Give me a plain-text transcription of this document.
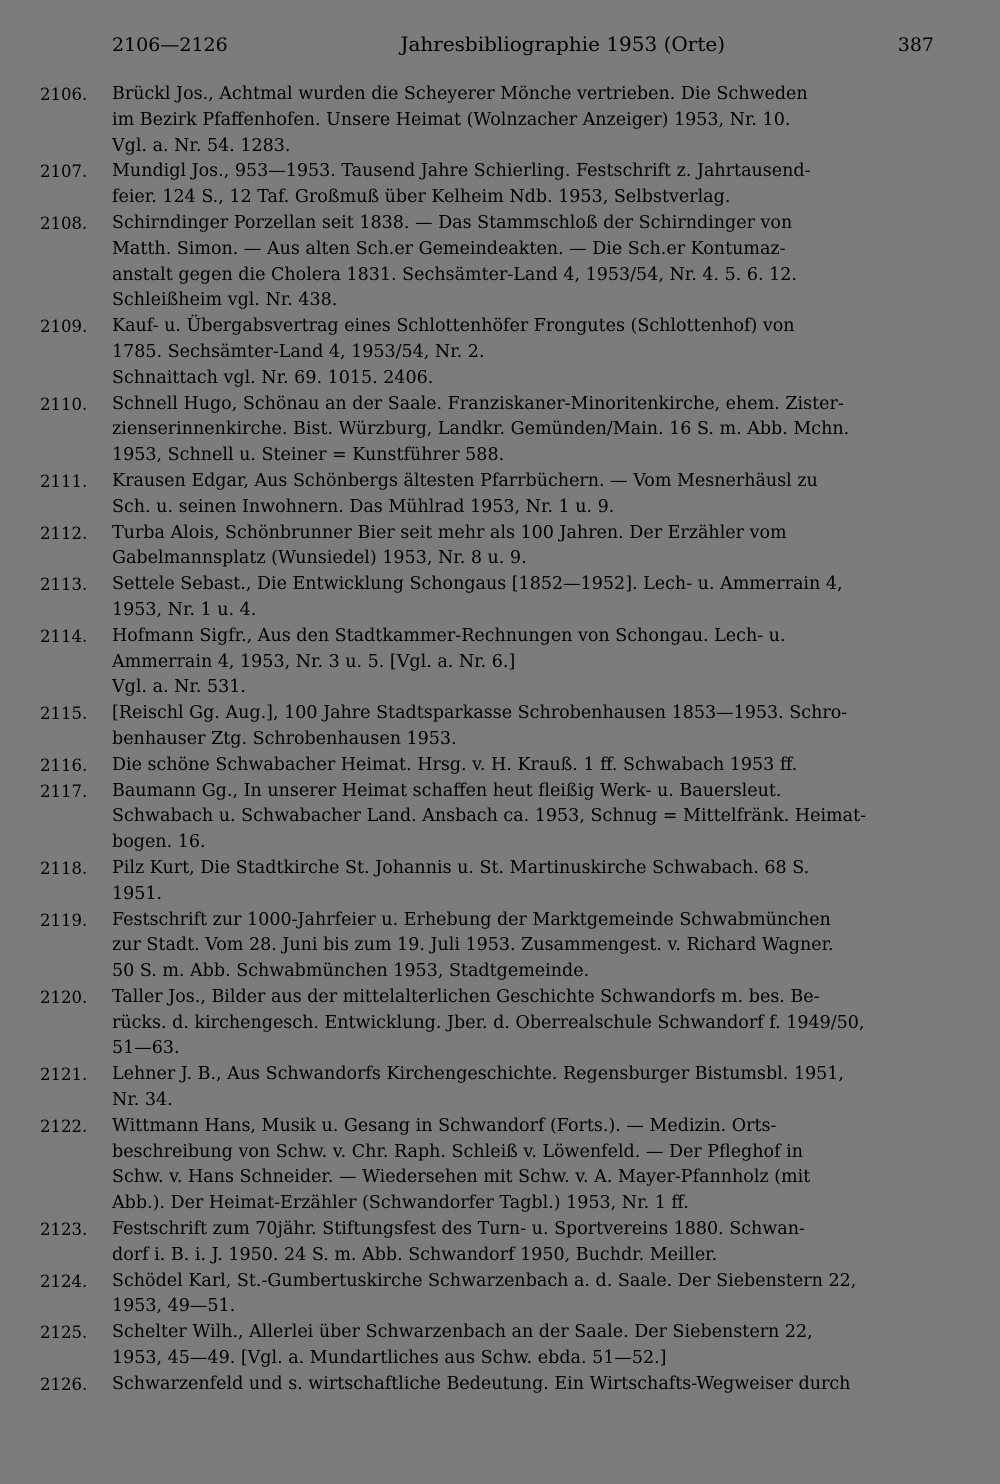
2106—2126	Jahresbibliographie 1953 (Orte)	387
2106.	Brückl Jos., Achtmal wurden die Scheyerer Mönche vertrieben. Die Schweden
im Bezirk Pfaffenhofen. Unsere Heimat (Wolnzacher Anzeiger) 1953, Nr. 10.
Vgl. a. Nr. 54. 1283.
2107.	Mundigl Jos., 953—1953. Tausend Jahre Schierling. Festschrift z. Jahrtausend-
feier. 124 S., 12 Taf. Großmuß über Kelheim Ndb. 1953, Selbstverlag.
2108.	Schirndinger Porzellan seit 1838. — Das Stammschloß der Schirndinger von
Matth. Simon. — Aus alten Sch.er Gemeindeakten. — Die Sch.er Kontumaz-
anstalt gegen die Cholera 1831. Sechsämter-Land 4, 1953/54, Nr. 4. 5. 6. 12.
Schleißheim vgl. Nr. 438.
2109.	Kauf- u. Übergabsvertrag eines Schlottenhöfer Frongutes (Schlottenhof) von
1785. Sechsämter-Land 4, 1953/54, Nr. 2.
Schnaittach vgl. Nr. 69. 1015. 2406.
2110.	Schnell Hugo, Schönau an der Saale. Franziskaner-Minoritenkirche, ehem. Zister-
zienserinnenkirche. Bist. Würzburg, Landkr. Gemünden/Main. 16 S. m. Abb. Mchn.
1953, Schnell u. Steiner = Kunstführer 588.
2111.	Krausen Edgar, Aus Schönbergs ältesten Pfarrbüchern. — Vom Mesnerhäusl zu
Sch. u. seinen Inwohnern. Das Mühlrad 1953, Nr. 1 u. 9.
2112.	Turba Alois, Schönbrunner Bier seit mehr als 100 Jahren. Der Erzähler vom
Gabelmannsplatz (Wunsiedel) 1953, Nr. 8 u. 9.
2113.	Settele Sebast., Die Entwicklung Schongaus [1852—1952]. Lech- u. Ammerrain 4,
1953, Nr. 1 u. 4.
2114.	Hofmann Sigfr., Aus den Stadtkammer-Rechnungen von Schongau. Lech- u.
Ammerrain 4, 1953, Nr. 3 u. 5. [Vgl. a. Nr. 6.]
Vgl. a. Nr. 531.
2115.	[Reischl Gg. Aug.], 100 Jahre Stadtsparkasse Schrobenhausen 1853—1953. Schro-
benhauser Ztg. Schrobenhausen 1953.
2116.	Die schöne Schwabacher Heimat. Hrsg. v. H. Krauß. 1 ff. Schwabach 1953 ff.
2117.	Baumann Gg., In unserer Heimat schaffen heut fleißig Werk- u. Bauersleut.
Schwabach u. Schwabacher Land. Ansbach ca. 1953, Schnug = Mittelfränk. Heimat-
bogen. 16.
2118.	Pilz Kurt, Die Stadtkirche St. Johannis u. St. Martinuskirche Schwabach. 68 S.
1951.
2119.	Festschrift zur 1000-Jahrfeier u. Erhebung der Marktgemeinde Schwabmünchen
zur Stadt. Vom 28. Juni bis zum 19. Juli 1953. Zusammengest. v. Richard Wagner.
50 S. m. Abb. Schwabmünchen 1953, Stadtgemeinde.
2120.	Taller Jos., Bilder aus der mittelalterlichen Geschichte Schwandorfs m. bes. Be-
rücks. d. kirchengesch. Entwicklung. Jber. d. Oberrealschule Schwandorf f. 1949/50,
51—63.
2121.	Lehner J. B., Aus Schwandorfs Kirchengeschichte. Regensburger Bistumsbl. 1951,
Nr. 34.
2122.	Wittmann Hans, Musik u. Gesang in Schwandorf (Forts.). — Medizin. Orts-
beschreibung von Schw. v. Chr. Raph. Schleiß v. Löwenfeld. — Der Pfleghof in
Schw. v. Hans Schneider. — Wiedersehen mit Schw. v. A. Mayer-Pfannholz (mit
Abb.). Der Heimat-Erzähler (Schwandorfer Tagbl.) 1953, Nr. 1 ff.
2123.	Festschrift zum 70jähr. Stiftungsfest des Turn- u. Sportvereins 1880. Schwan-
dorf i. B. i. J. 1950. 24 S. m. Abb. Schwandorf 1950, Buchdr. Meiller.
2124.	Schödel Karl, St.-Gumbertuskirche Schwarzenbach a. d. Saale. Der Siebenstern 22,
1953, 49—51.
2125.	Schelter Wilh., Allerlei über Schwarzenbach an der Saale. Der Siebenstern 22,
1953, 45—49. [Vgl. a. Mundartliches aus Schw. ebda. 51—52.]
2126.	Schwarzenfeld und s. wirtschaftliche Bedeutung. Ein Wirtschafts-Wegweiser durch
